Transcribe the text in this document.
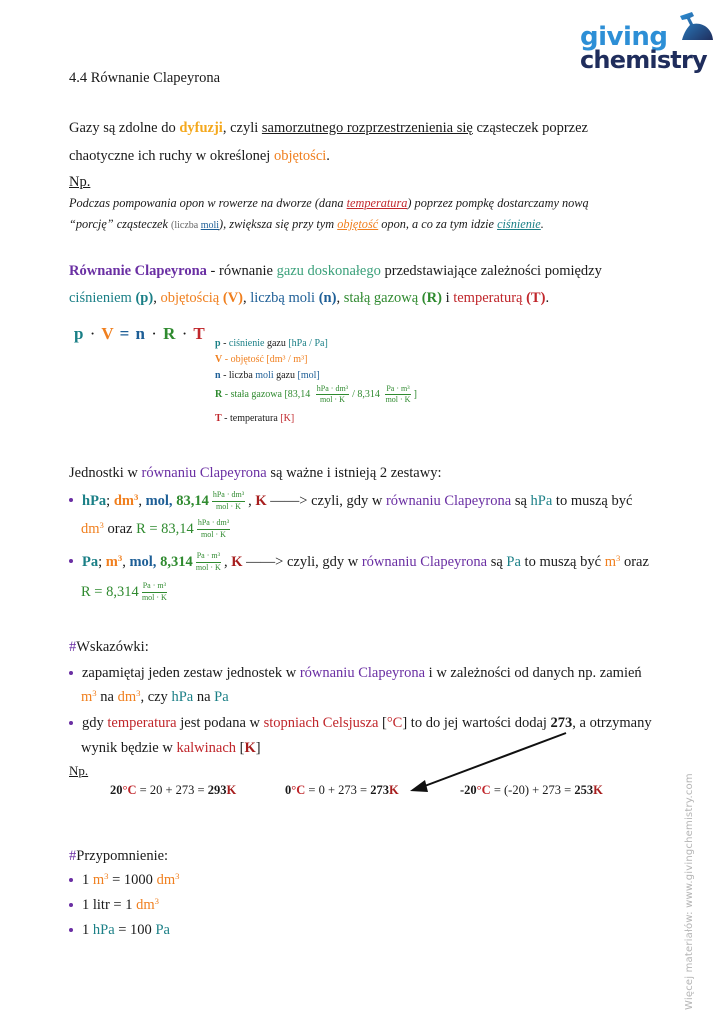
giving
chemistry
Więcej materiałów: www.givingchemistry.com
4.4 Równanie Clapeyrona
Gazy są zdolne do dyfuzji, czyli samorzutnego rozprzestrzenienia się cząsteczek poprzez
chaotyczne ich ruchy w określonej objętości.
Np.
Podczas pompowania opon w rowerze na dworze (dana temperatura) poprzez pompkę dostarczamy nową
“porcję” cząsteczek (liczba moli), zwiększa się przy tym objętość opon, a co za tym idzie ciśnienie.
Równanie Clapeyrona - równanie gazu doskonałego przedstawiające zależności pomiędzy
ciśnieniem (p), objętością (V), liczbą moli (n), stałą gazową (R) i temperaturą (T).
p · V = n · R · T
p - ciśnienie gazu [hPa / Pa]
V - objętość [dm³ / m³]
n - liczba moli gazu [mol]
R - stała gazowa [$83,14 \frac{\text{hPa · dm³}}{\text{mol · K}} / 8,314 \frac{\text{Pa · m³}}{\text{mol · K}}$ ]
T - temperatura [K]
Jednostki w równaniu Clapeyrona są ważne i istnieją 2 zestawy:
hPa ; $dm^3$ , mol, $83,14 \frac{\text{hPa · dm³}}{\text{mol · K}}$ , K ——> czyli, gdy w równaniu Clapeyrona są hPa to muszą być
$dm^3$ oraz $R = 83,14 \frac{\text{hPa · dm³}}{\text{mol · K}}$
Pa ; $m^3$ , mol, $8,314 \frac{\text{Pa · m³}}{\text{mol · K}}$ , K ——> czyli, gdy w równaniu Clapeyrona są Pa to muszą być $m^3$ oraz
$R = 8,314 \frac{\text{Pa · m³}}{\text{mol · K}}$
#Wskazówki:
zapamiętaj jeden zestaw jednostek w równaniu Clapeyrona i w zależności od danych np. zamień
$m^3$ na $dm^3$, czy hPa na Pa
gdy temperatura jest podana w stopniach Celsjusza [°C] to do jej wartości dodaj 273, a otrzymany
wynik będzie w kalwinach [K]
Np.
20°C = 20 + 273 = 293K	0°C = 0 + 273 = 273K	-20°C = (-20) + 273 = 253K
#Przypomnienie:
1 $m^3 = 1000$ $dm^3$
1 litr = 1 $dm^3$
1 hPa = 100 Pa
